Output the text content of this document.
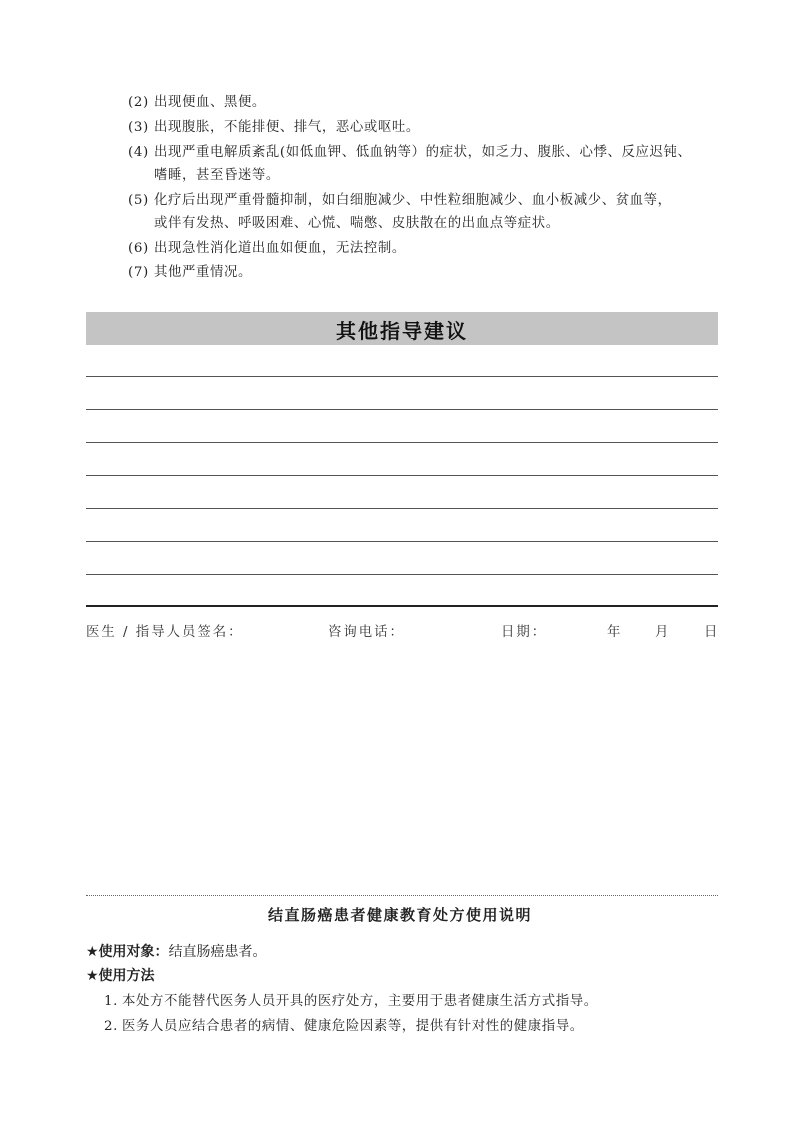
(2) 出现便血、黑便。
(3) 出现腹胀，不能排便、排气，恶心或呕吐。
(4) 出现严重电解质紊乱(如低血钾、低血钠等）的症状，如乏力、腹胀、心悸、反应迟钝、
嗜睡，甚至昏迷等。
(5) 化疗后出现严重骨髓抑制，如白细胞减少、中性粒细胞减少、血小板减少、贫血等，
或伴有发热、呼吸困难、心慌、喘憋、皮肤散在的出血点等症状。
(6) 出现急性消化道出血如便血，无法控制。
(7) 其他严重情况。
其他指导建议
医生 / 指导人员签名：	咨询电话：	日期：	年 月	日
结直肠癌患者健康教育处方使用说明
★使用对象：结直肠癌患者。
★使用方法
1. 本处方不能替代医务人员开具的医疗处方，主要用于患者健康生活方式指导。
2. 医务人员应结合患者的病情、健康危险因素等，提供有针对性的健康指导。
